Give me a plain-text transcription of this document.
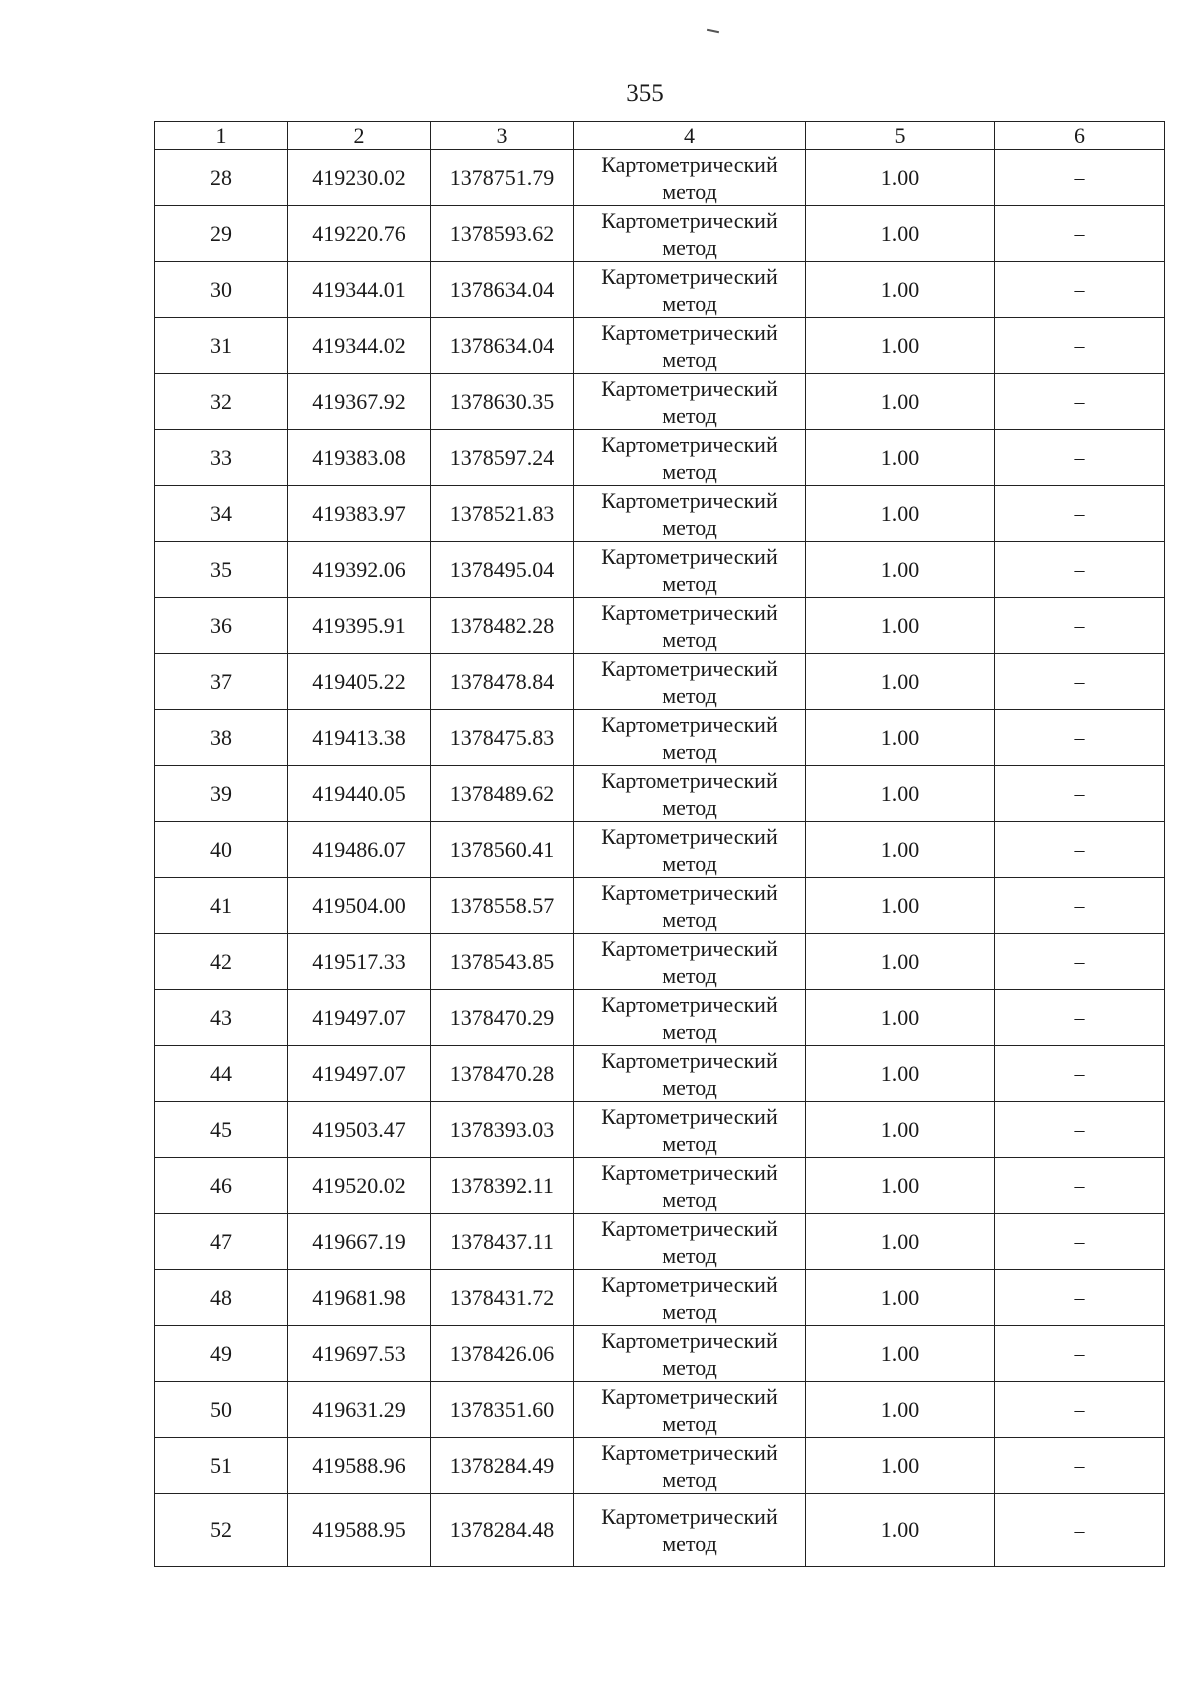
355
1	2	3	4	5	6
28	419230.02	1378751.79	Картометрический метод	1.00	–
29	419220.76	1378593.62	Картометрический метод	1.00	–
30	419344.01	1378634.04	Картометрический метод	1.00	–
31	419344.02	1378634.04	Картометрический метод	1.00	–
32	419367.92	1378630.35	Картометрический метод	1.00	–
33	419383.08	1378597.24	Картометрический метод	1.00	–
34	419383.97	1378521.83	Картометрический метод	1.00	–
35	419392.06	1378495.04	Картометрический метод	1.00	–
36	419395.91	1378482.28	Картометрический метод	1.00	–
37	419405.22	1378478.84	Картометрический метод	1.00	–
38	419413.38	1378475.83	Картометрический метод	1.00	–
39	419440.05	1378489.62	Картометрический метод	1.00	–
40	419486.07	1378560.41	Картометрический метод	1.00	–
41	419504.00	1378558.57	Картометрический метод	1.00	–
42	419517.33	1378543.85	Картометрический метод	1.00	–
43	419497.07	1378470.29	Картометрический метод	1.00	–
44	419497.07	1378470.28	Картометрический метод	1.00	–
45	419503.47	1378393.03	Картометрический метод	1.00	–
46	419520.02	1378392.11	Картометрический метод	1.00	–
47	419667.19	1378437.11	Картометрический метод	1.00	–
48	419681.98	1378431.72	Картометрический метод	1.00	–
49	419697.53	1378426.06	Картометрический метод	1.00	–
50	419631.29	1378351.60	Картометрический метод	1.00	–
51	419588.96	1378284.49	Картометрический метод	1.00	–
52	419588.95	1378284.48	Картометрический метод	1.00	–
